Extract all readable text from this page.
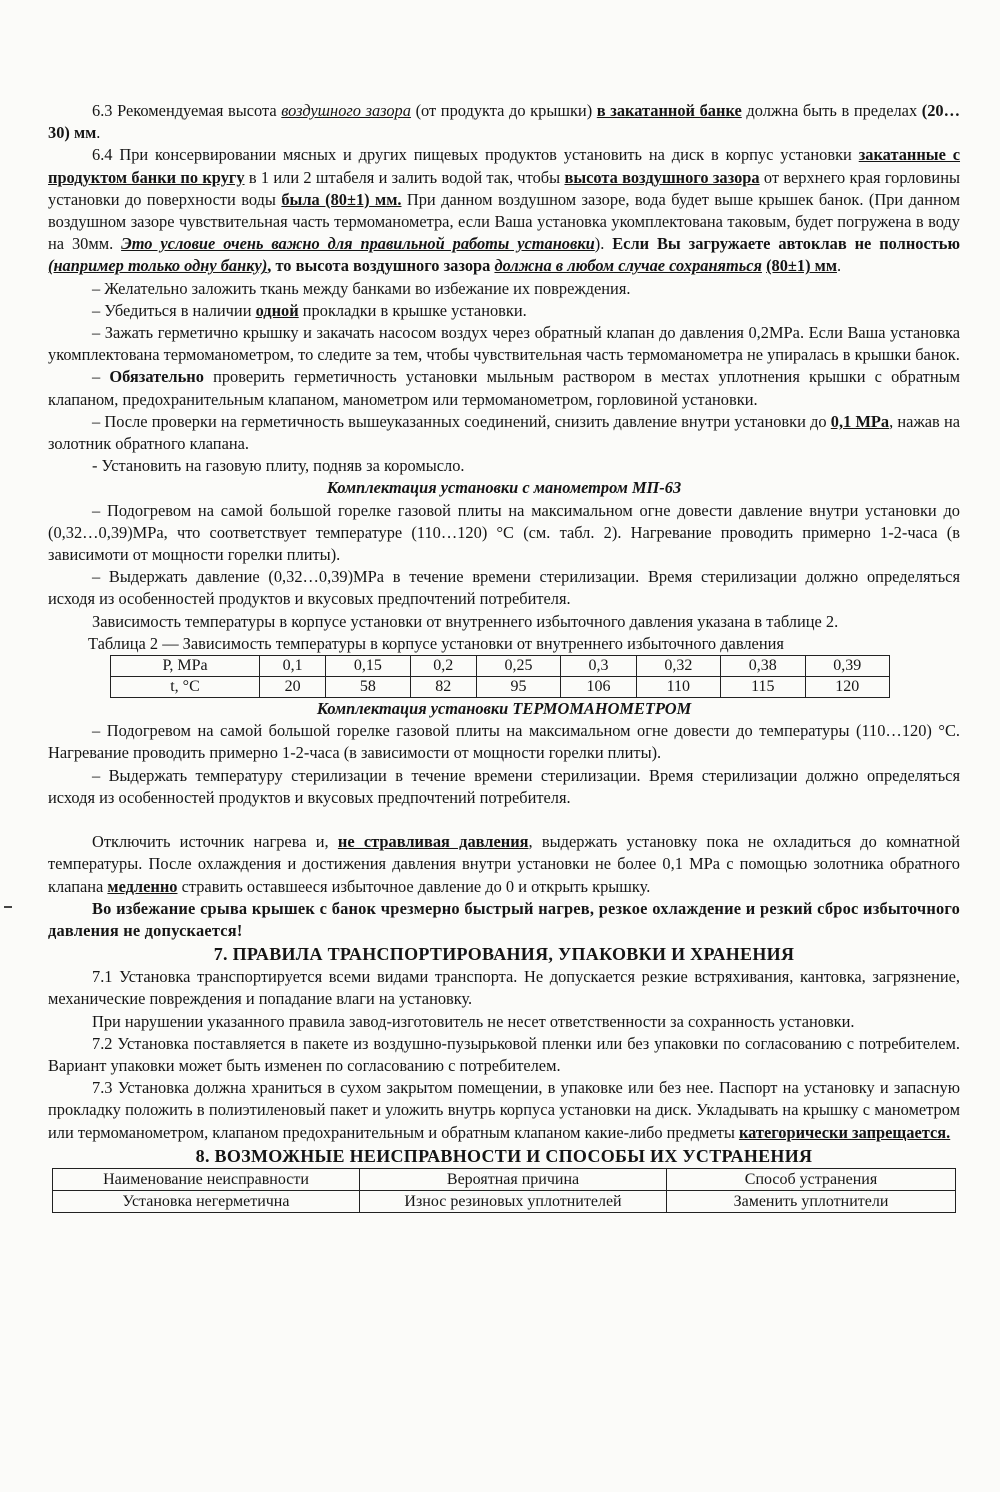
6.3 Рекомендуемая высота воздушного зазора (от продукта до крышки) в закатанной банке должна быть в пределах (20…30) мм.

6.4 При консервировании мясных и других пищевых продуктов установить на диск в корпус установки закатанные с продуктом банки по кругу в 1 или 2 штабеля и залить водой так, чтобы высота воздушного зазора от верхнего края горловины установки до поверхности воды была (80±1) мм. При данном воздушном зазоре, вода будет выше крышек банок. (При данном воздушном зазоре чувствительная часть термоманометра, если Ваша установка укомплектована таковым, будет погружена в воду на 30мм. Это условие очень важно для правильной работы установки). Если Вы загружаете автоклав не полностью (например только одну банку), то высота воздушного зазора должна в любом случае сохраняться (80±1) мм.

– Желательно заложить ткань между банками во избежание их повреждения.

– Убедиться в наличии одной прокладки в крышке установки.

– Зажать герметично крышку и закачать насосом воздух через обратный клапан до давления 0,2МРа. Если Ваша установка укомплектована термоманометром, то следите за тем, чтобы чувствительная часть термоманометра не упиралась в крышки банок.

– Обязательно проверить герметичность установки мыльным раствором в местах уплотнения крышки с обратным клапаном, предохранительным клапаном, манометром или термоманометром, горловиной установки.

– После проверки на герметичность вышеуказанных соединений, снизить давление внутри установки до 0,1 МРа, нажав на золотник обратного клапана.

- Установить на газовую плиту, подняв за коромысло.

Комплектация установки с манометром МП-63

– Подогревом на самой большой горелке газовой плиты на максимальном огне довести давление внутри установки до (0,32…0,39)МРа, что соответствует температуре (110…120) °С (см. табл. 2). Нагревание проводить примерно 1-2-часа (в зависимоти от мощности горелки плиты).

– Выдержать давление (0,32…0,39)МРа в течение времени стерилизации. Время стерилизации должно определяться исходя из особенностей продуктов и вкусовых предпочтений потребителя.

Зависимость температуры в корпусе установки от внутреннего избыточного давления указана в таблице 2.

Таблица 2 — Зависимость температуры в корпусе установки от внутреннего избыточного давления

Р, МРа	0,1	0,15	0,2	0,25	0,3	0,32	0,38	0,39
t, °C	20	58	82	95	106	110	115	120

Комплектация установки ТЕРМОМАНОМЕТРОМ

– Подогревом на самой большой горелке газовой плиты на максимальном огне довести до температуры (110…120) °С. Нагревание проводить примерно 1-2-часа (в зависимости от мощности горелки плиты).

– Выдержать температуру стерилизации в течение времени стерилизации. Время стерилизации должно определяться исходя из особенностей продуктов и вкусовых предпочтений потребителя.

Отключить источник нагрева и, не стравливая давления, выдержать установку пока не охладиться до комнатной температуры. После охлаждения и достижения давления внутри установки не более 0,1 МРа с помощью золотника обратного клапана медленно стравить оставшееся избыточное давление до 0 и открыть крышку.

Во избежание срыва крышек с банок чрезмерно быстрый нагрев, резкое охлаждение и резкий сброс избыточного давления не допускается!

7. ПРАВИЛА ТРАНСПОРТИРОВАНИЯ, УПАКОВКИ И ХРАНЕНИЯ

7.1 Установка транспортируется всеми видами транспорта. Не допускается резкие встряхивания, кантовка, загрязнение, механические повреждения и попадание влаги на установку.

При нарушении указанного правила завод-изготовитель не несет ответственности за сохранность установки.

7.2 Установка поставляется в пакете из воздушно-пузырьковой пленки или без упаковки по согласованию с потребителем. Вариант упаковки может быть изменен по согласованию с потребителем.

7.3 Установка должна храниться в сухом закрытом помещении, в упаковке или без нее. Паспорт на установку и запасную прокладку положить в полиэтиленовый пакет и уложить внутрь корпуса установки на диск. Укладывать на крышку с манометром или термоманометром, клапаном предохранительным и обратным клапаном какие-либо предметы категорически запрещается.

8. ВОЗМОЖНЫЕ НЕИСПРАВНОСТИ И СПОСОБЫ ИХ УСТРАНЕНИЯ

Наименование неисправности	Вероятная причина	Способ устранения
Установка негерметична	Износ резиновых уплотнителей	Заменить уплотнители
